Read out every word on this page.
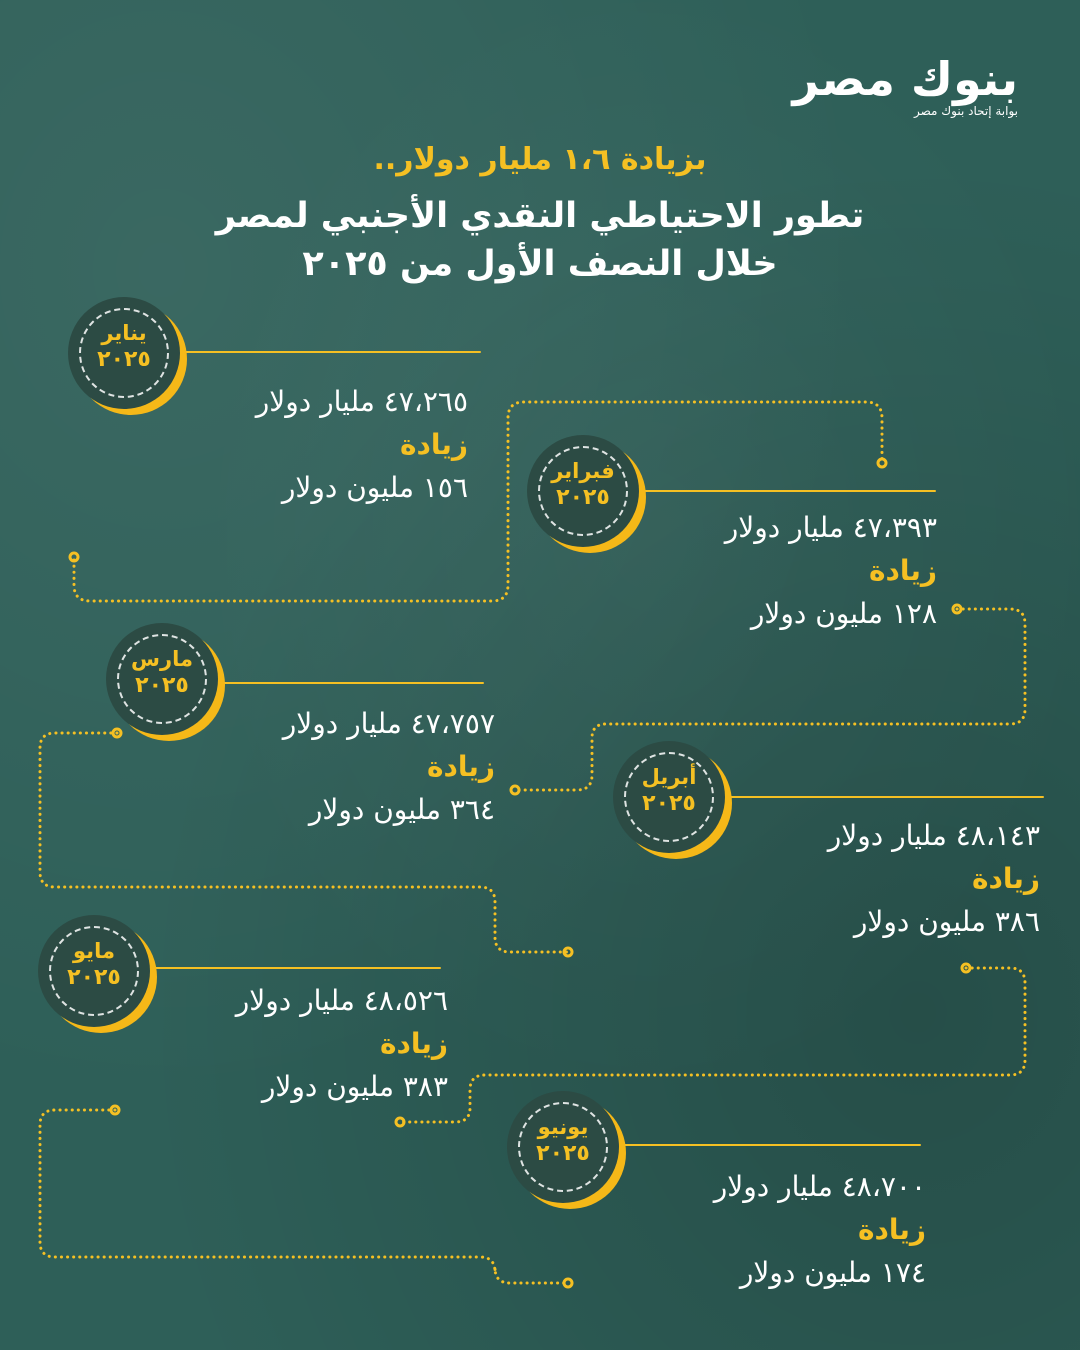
بنوك مصر
بوابة إتحاد بنوك مصر
بزيادة ١،٦ مليار دولار..
تطور الاحتياطي النقدي الأجنبي لمصر
خلال النصف الأول من ٢٠٢٥
يناير
٢٠٢٥
٤٧،٢٦٥ مليار دولار
زيادة
١٥٦ مليون دولار	فبراير
٢٠٢٥
٤٧،٣٩٣ مليار دولار
زيادة
١٢٨ مليون دولار
مارس
٢٠٢٥
٤٧،٧٥٧ مليار دولار
زيادة
٣٦٤ مليون دولار
أبريل
٢٠٢٥
٤٨،١٤٣ مليار دولار
زيادة
٣٨٦ مليون دولار
مايو
٢٠٢٥
٤٨،٥٢٦ مليار دولار
زيادة
٣٨٣ مليون دولار
يونيو
٢٠٢٥
٤٨،٧٠٠ مليار دولار
زيادة
١٧٤ مليون دولار
